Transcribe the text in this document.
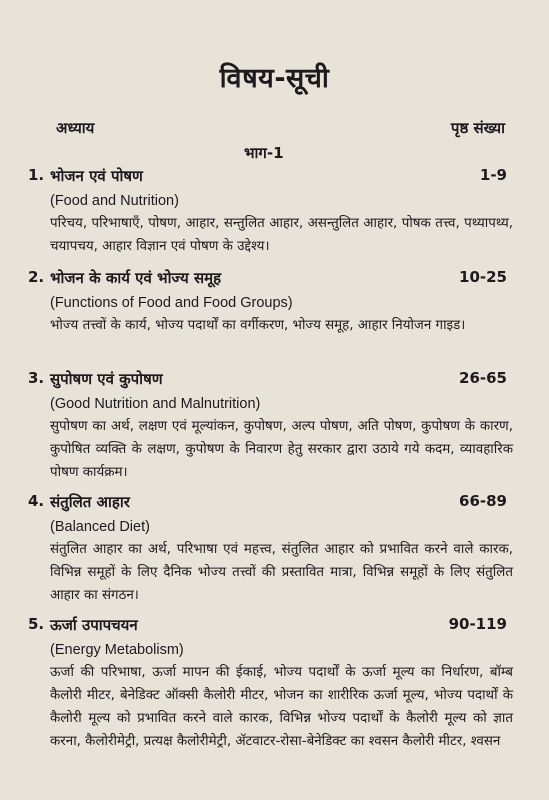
विषय-सूची
अध्याय	पृष्ठ संख्या
भाग-1
1. भोजन एवं पोषण	1-9
(Food and Nutrition)
परिचय, परिभाषाएँ, पोषण, आहार, सन्तुलित आहार, असन्तुलित आहार, पोषक तत्त्व, पथ्यापथ्य, चयापचय, आहार विज्ञान एवं पोषण के उद्देश्य।
2. भोजन के कार्य एवं भोज्य समूह	10-25
(Functions of Food and Food Groups)
भोज्य तत्त्वों के कार्य, भोज्य पदार्थों का वर्गीकरण, भोज्य समूह, आहार नियोजन गाइड।
3. सुपोषण एवं कुपोषण	26-65
(Good Nutrition and Malnutrition)
सुपोषण का अर्थ, लक्षण एवं मूल्यांकन, कुपोषण, अल्प पोषण, अति पोषण, कुपोषण के कारण, कुपोषित व्यक्ति के लक्षण, कुपोषण के निवारण हेतु सरकार द्वारा उठाये गये कदम, व्यावहारिक पोषण कार्यक्रम।
4. संतुलित आहार	66-89
(Balanced Diet)
संतुलित आहार का अर्थ, परिभाषा एवं महत्त्व, संतुलित आहार को प्रभावित करने वाले कारक, विभिन्न समूहों के लिए दैनिक भोज्य तत्त्वों की प्रस्तावित मात्रा, विभिन्न समूहों के लिए संतुलित आहार का संगठन।
5. ऊर्जा उपापचयन	90-119
(Energy Metabolism)
ऊर्जा की परिभाषा, ऊर्जा मापन की ईकाई, भोज्य पदार्थों के ऊर्जा मूल्य का निर्धारण, बॉम्ब कैलोरी मीटर, बेनेडिक्ट ऑक्सी कैलोरी मीटर, भोजन का शारीरिक ऊर्जा मूल्य, भोज्य पदार्थों के कैलोरी मूल्य को प्रभावित करने वाले कारक, विभिन्न भोज्य पदार्थों के कैलोरी मूल्य को ज्ञात करना, कैलोरीमेट्री, प्रत्यक्ष कैलोरीमेट्री, ॲटवाटर-रोसा-बेनेडिक्ट का श्वसन कैलोरी मीटर, श्वसन
